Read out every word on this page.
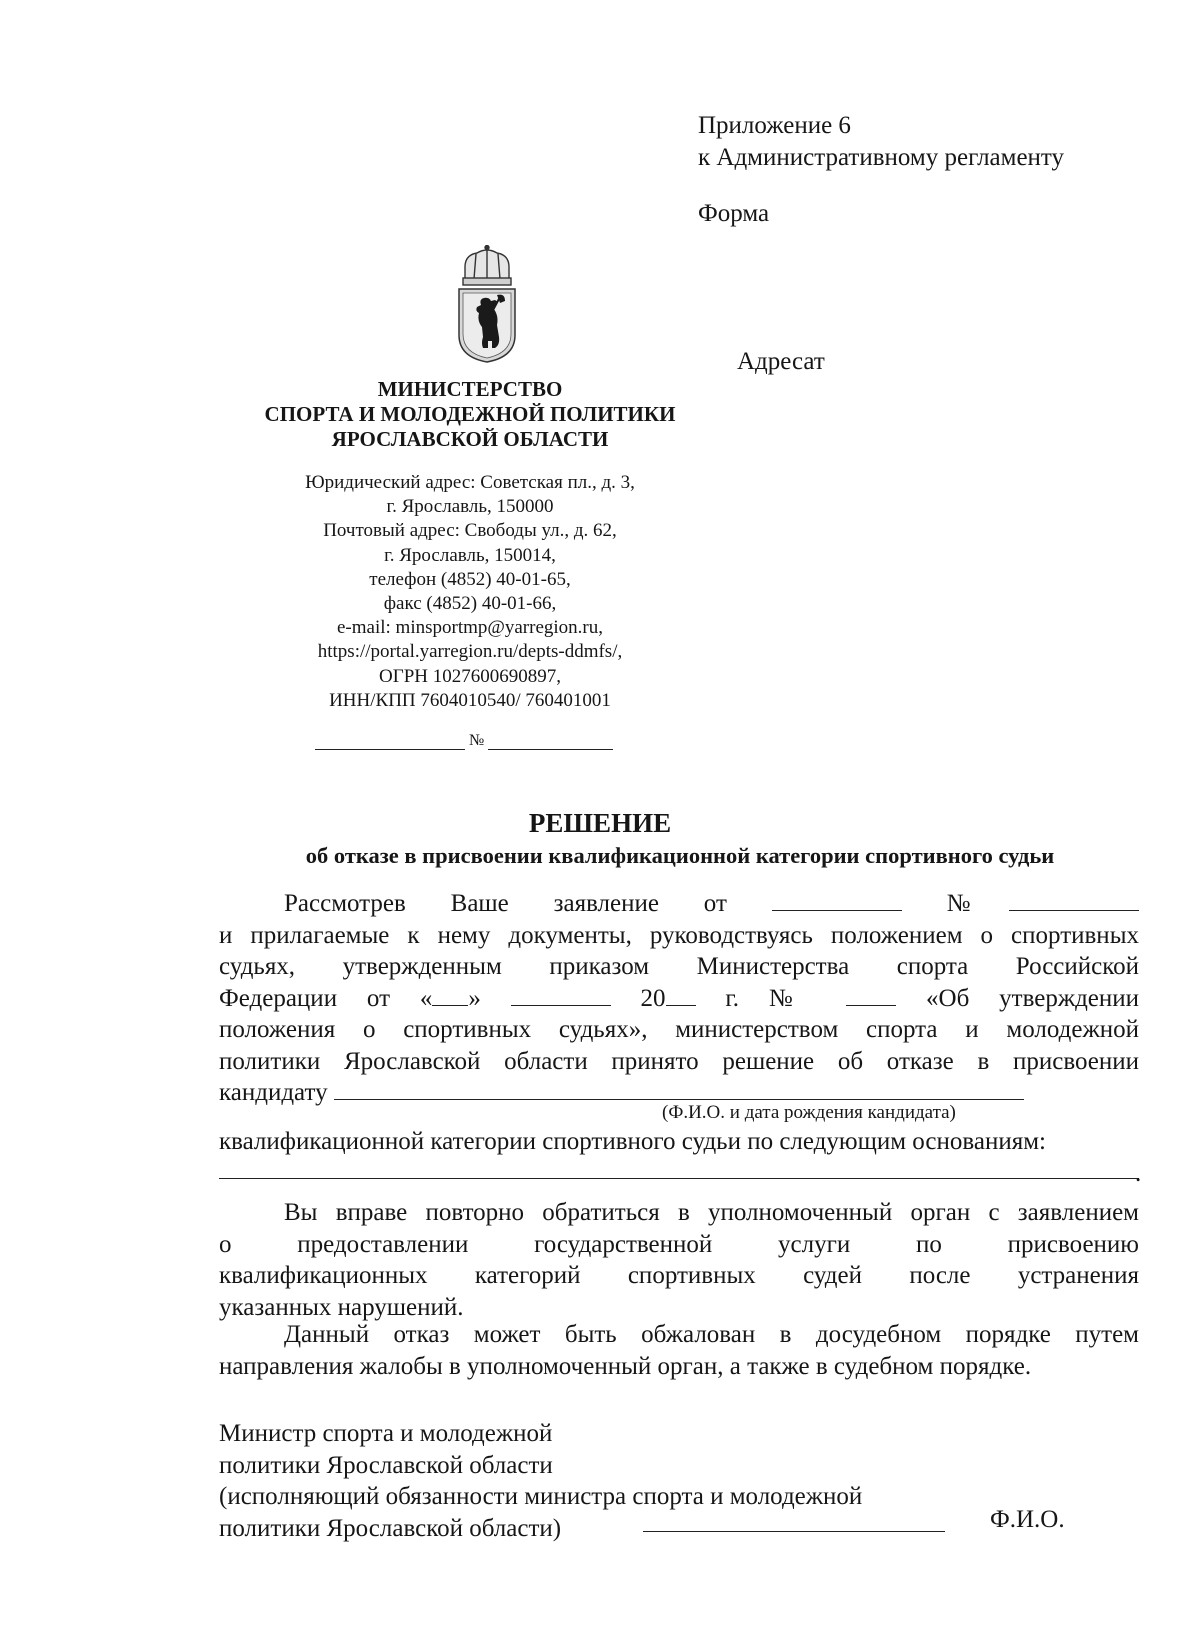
Приложение 6
к Административному регламенту
Форма
Адресат
МИНИСТЕРСТВО
СПОРТА И МОЛОДЕЖНОЙ ПОЛИТИКИ
ЯРОСЛАВСКОЙ ОБЛАСТИ
Юридический адрес: Советская пл., д. 3,
г. Ярославль, 150000
Почтовый адрес: Свободы ул., д. 62,
г. Ярославль, 150014,
телефон (4852) 40-01-65,
факс (4852) 40-01-66,
e-mail: minsportmp@yarregion.ru,
https://portal.yarregion.ru/depts-ddmfs/,
ОГРН 1027600690897,
ИНН/КПП 7604010540/ 760401001
№
РЕШЕНИЕ
об отказе в присвоении квалификационной категории спортивного судьи
Рассмотрев Ваше заявление от	№
и прилагаемые к нему документы, руководствуясь положением о спортивных
судьях, утвержденным приказом Министерства спорта Российской
Федерации от « »	20 г. №	«Об утверждении
положения о спортивных судьях», министерством спорта и молодежной
политики Ярославской области принято решение об отказе в присвоении
кандидату
(Ф.И.О. и дата рождения кандидата)
квалификационной категории спортивного судьи по следующим основаниям:
.
Вы вправе повторно обратиться в уполномоченный орган с заявлением
о предоставлении государственной услуги по присвоению
квалификационных категорий спортивных судей после устранения
указанных нарушений.
Данный отказ может быть обжалован в досудебном порядке путем
направления жалобы в уполномоченный орган, а также в судебном порядке.
Министр спорта и молодежной
политики Ярославской области
(исполняющий обязанности министра спорта и молодежной
политики Ярославской области)	Ф.И.О.
